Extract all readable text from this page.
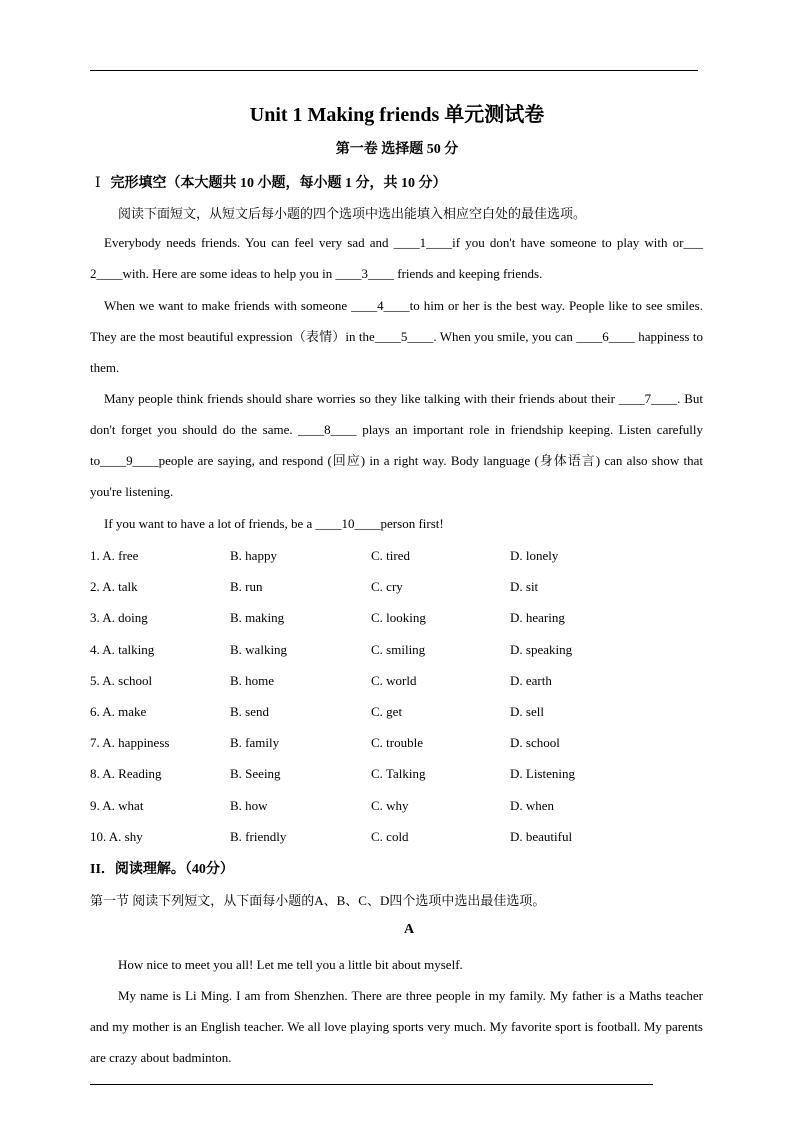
Unit 1 Making friends 单元测试卷
第一卷 选择题 50 分
Ⅰ 完形填空（本大题共 10 小题，每小题 1 分，共 10 分）
阅读下面短文，从短文后每小题的四个选项中选出能填入相应空白处的最佳选项。
Everybody needs friends. You can feel very sad and ____1____if you don't have someone to play with or___ 2____with. Here are some ideas to help you in ____3____ friends and keeping friends.
When we want to make friends with someone ____4____to him or her is the best way. People like to see smiles. They are the most beautiful expression（表情）in the____5____. When you smile, you can ____6____ happiness to them.
Many people think friends should share worries so they like talking with their friends about their ____7____. But don't forget you should do the same. ____8____ plays an important role in friendship keeping. Listen carefully to____9____people are saying, and respond (回应) in a right way. Body language (身体语言) can also show that you're listening.
If you want to have a lot of friends, be a ____10____person first!
1. A. free	B. happy	C. tired	D. lonely
2. A. talk	B. run	C. cry	D. sit
3. A. doing	B. making	C. looking	D. hearing
4. A. talking	B. walking	C. smiling	D. speaking
5. A. school	B. home	C. world	D. earth
6. A. make	B. send	C. get	D. sell
7. A. happiness	B. family	C. trouble	D. school
8. A. Reading	B. Seeing	C. Talking	D. Listening
9. A. what	B. how	C. why	D. when
10. A. shy	B. friendly	C. cold	D. beautiful
II．阅读理解。（40分）
第一节 阅读下列短文，从下面每小题的A、B、C、D四个选项中选出最佳选项。
A
How nice to meet you all! Let me tell you a little bit about myself.
My name is Li Ming. I am from Shenzhen. There are three people in my family. My father is a Maths teacher and my mother is an English teacher. We all love playing sports very much. My favorite sport is football. My parents are crazy about badminton.
